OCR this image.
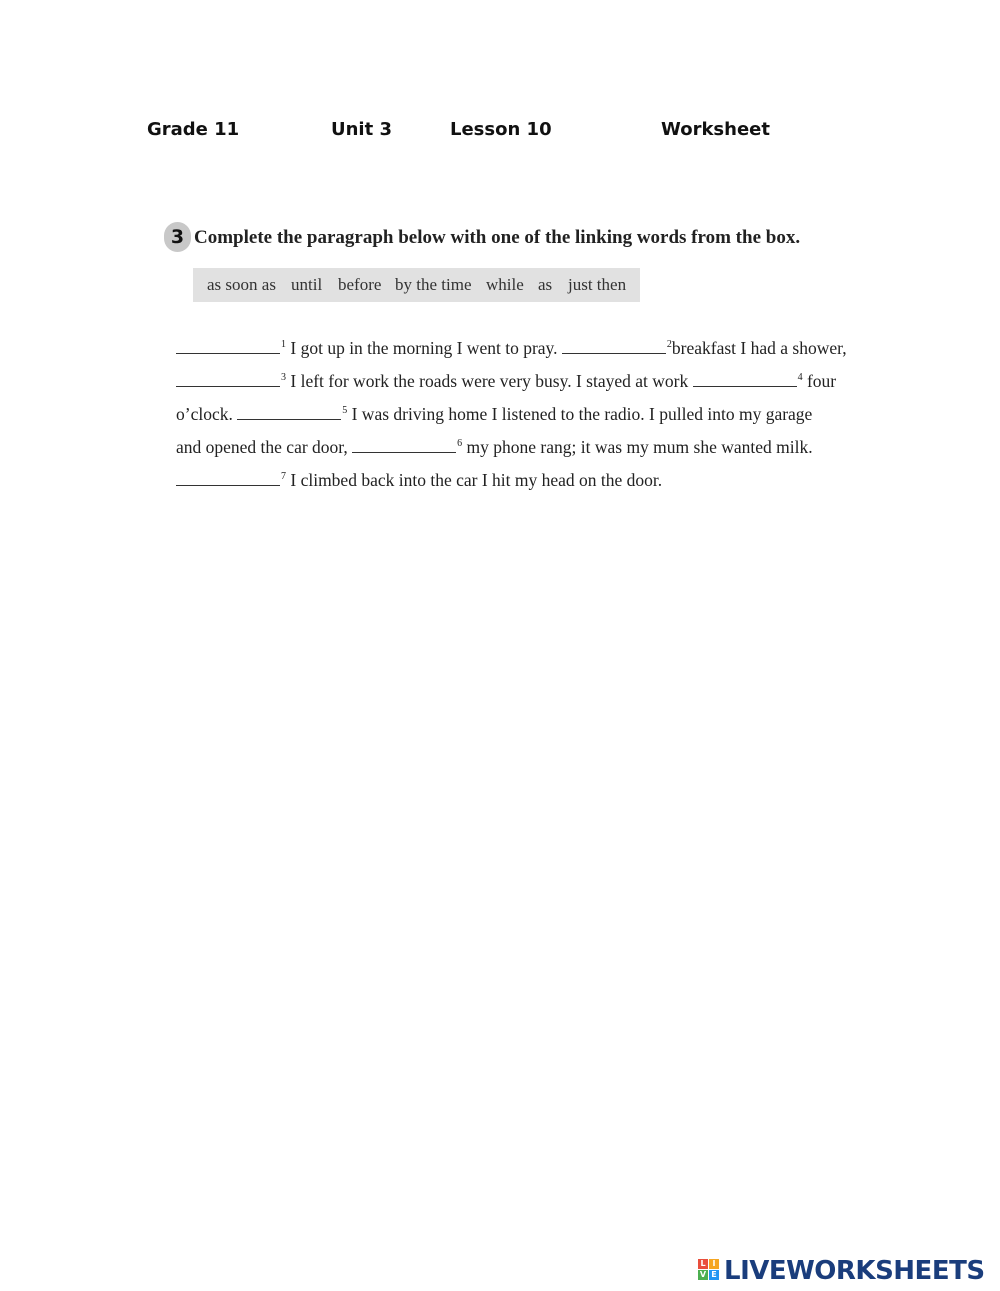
Grade 11	Unit 3	Lesson 10	Worksheet
3 Complete the paragraph below with one of the linking words from the box.
as soon as until before by the time while as just then
$^1$ I got up in the morning I went to pray.	$^2$breakfast I had a shower,
$^3$ I left for work the roads were very busy. I stayed at work	$^4$ four
o’clock.	$^5$ I was driving home I listened to the radio. I pulled into my garage
and opened the car door,	$^6$ my phone rang; it was my mum she wanted milk.
$^7$ I climbed back into the car I hit my head on the door.
L I
V E LIVEWORKSHEETS
